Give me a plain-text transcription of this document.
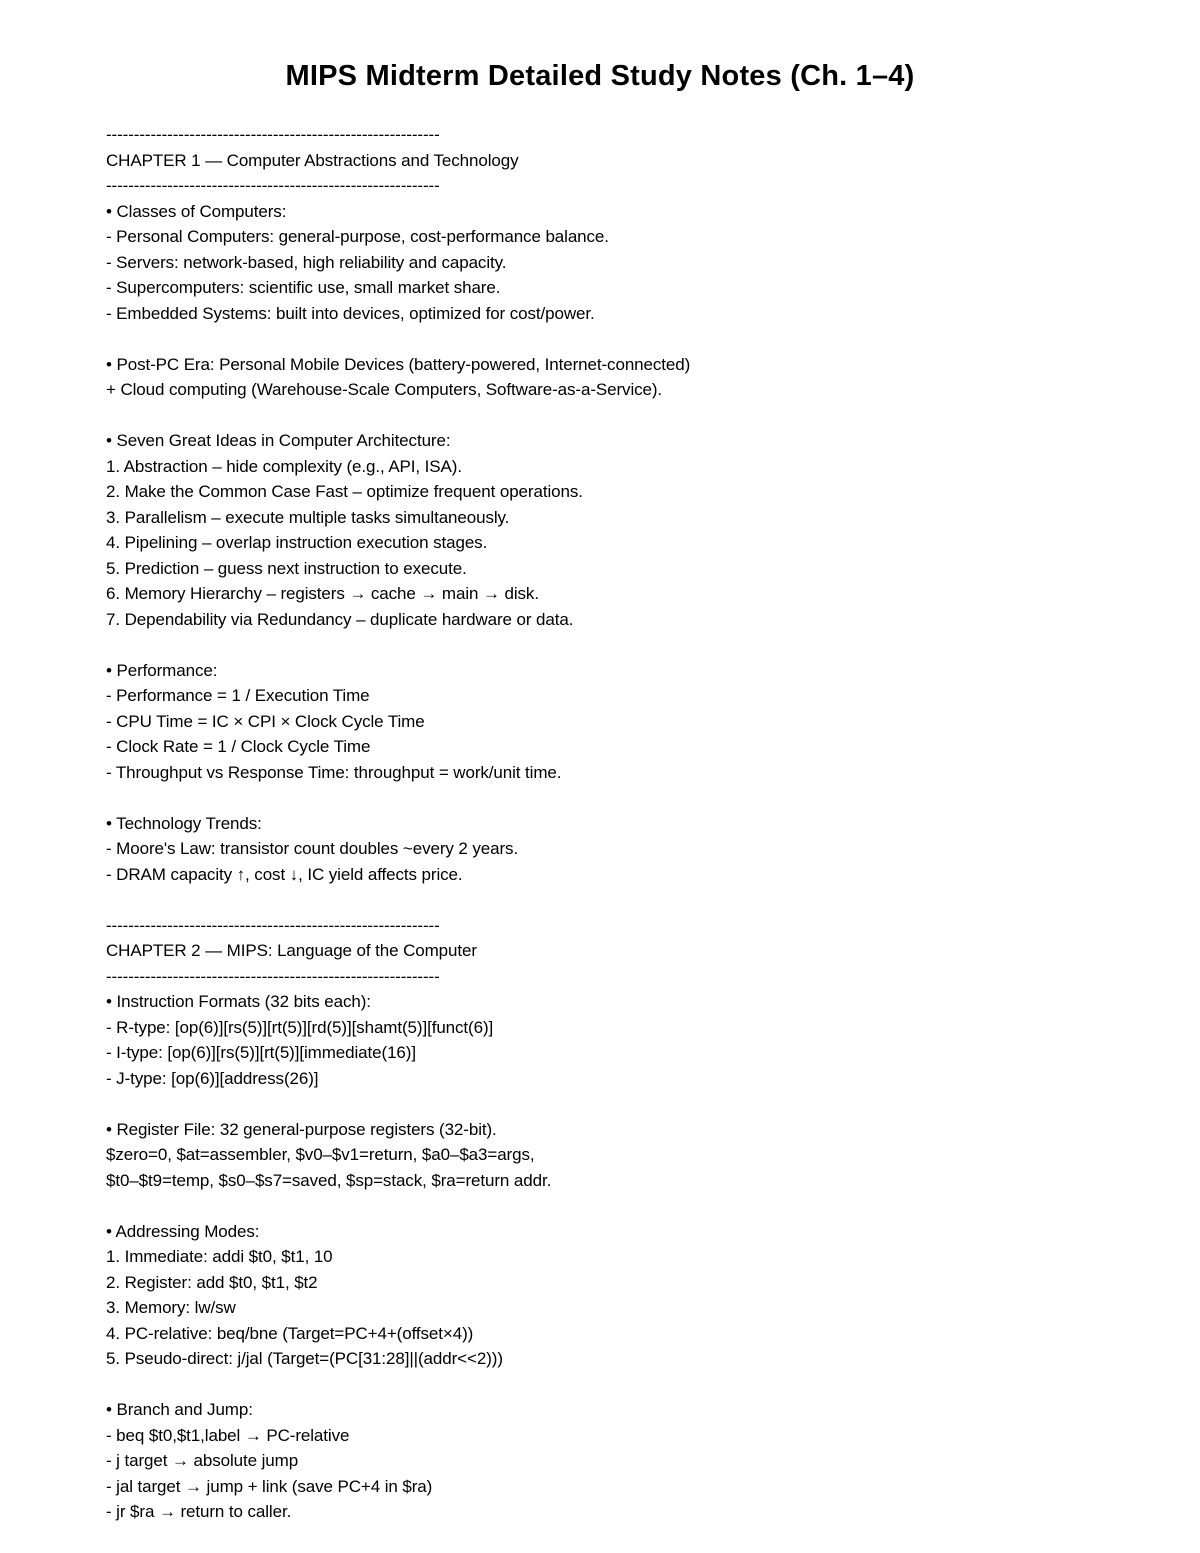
MIPS Midterm Detailed Study Notes (Ch. 1–4)
------------------------------------------------------------
CHAPTER 1 — Computer Abstractions and Technology
------------------------------------------------------------
• Classes of Computers:
- Personal Computers: general-purpose, cost-performance balance.
- Servers: network-based, high reliability and capacity.
- Supercomputers: scientific use, small market share.
- Embedded Systems: built into devices, optimized for cost/power.
• Post-PC Era: Personal Mobile Devices (battery-powered, Internet-connected)
+ Cloud computing (Warehouse-Scale Computers, Software-as-a-Service).
• Seven Great Ideas in Computer Architecture:
1. Abstraction – hide complexity (e.g., API, ISA).
2. Make the Common Case Fast – optimize frequent operations.
3. Parallelism – execute multiple tasks simultaneously.
4. Pipelining – overlap instruction execution stages.
5. Prediction – guess next instruction to execute.
6. Memory Hierarchy – registers → cache → main → disk.
7. Dependability via Redundancy – duplicate hardware or data.
• Performance:
- Performance = 1 / Execution Time
- CPU Time = IC × CPI × Clock Cycle Time
- Clock Rate = 1 / Clock Cycle Time
- Throughput vs Response Time: throughput = work/unit time.
• Technology Trends:
- Moore's Law: transistor count doubles ~every 2 years.
- DRAM capacity ↑, cost ↓, IC yield affects price.
------------------------------------------------------------
CHAPTER 2 — MIPS: Language of the Computer
------------------------------------------------------------
• Instruction Formats (32 bits each):
- R-type: [op(6)][rs(5)][rt(5)][rd(5)][shamt(5)][funct(6)]
- I-type: [op(6)][rs(5)][rt(5)][immediate(16)]
- J-type: [op(6)][address(26)]
• Register File: 32 general-purpose registers (32-bit).
$zero=0, $at=assembler, $v0–$v1=return, $a0–$a3=args,
$t0–$t9=temp, $s0–$s7=saved, $sp=stack, $ra=return addr.
• Addressing Modes:
1. Immediate: addi $t0, $t1, 10
2. Register: add $t0, $t1, $t2
3. Memory: lw/sw
4. PC-relative: beq/bne (Target=PC+4+(offset×4))
5. Pseudo-direct: j/jal (Target=(PC[31:28]||(addr<<2)))
• Branch and Jump:
- beq $t0,$t1,label → PC-relative
- j target → absolute jump
- jal target → jump + link (save PC+4 in $ra)
- jr $ra → return to caller.
